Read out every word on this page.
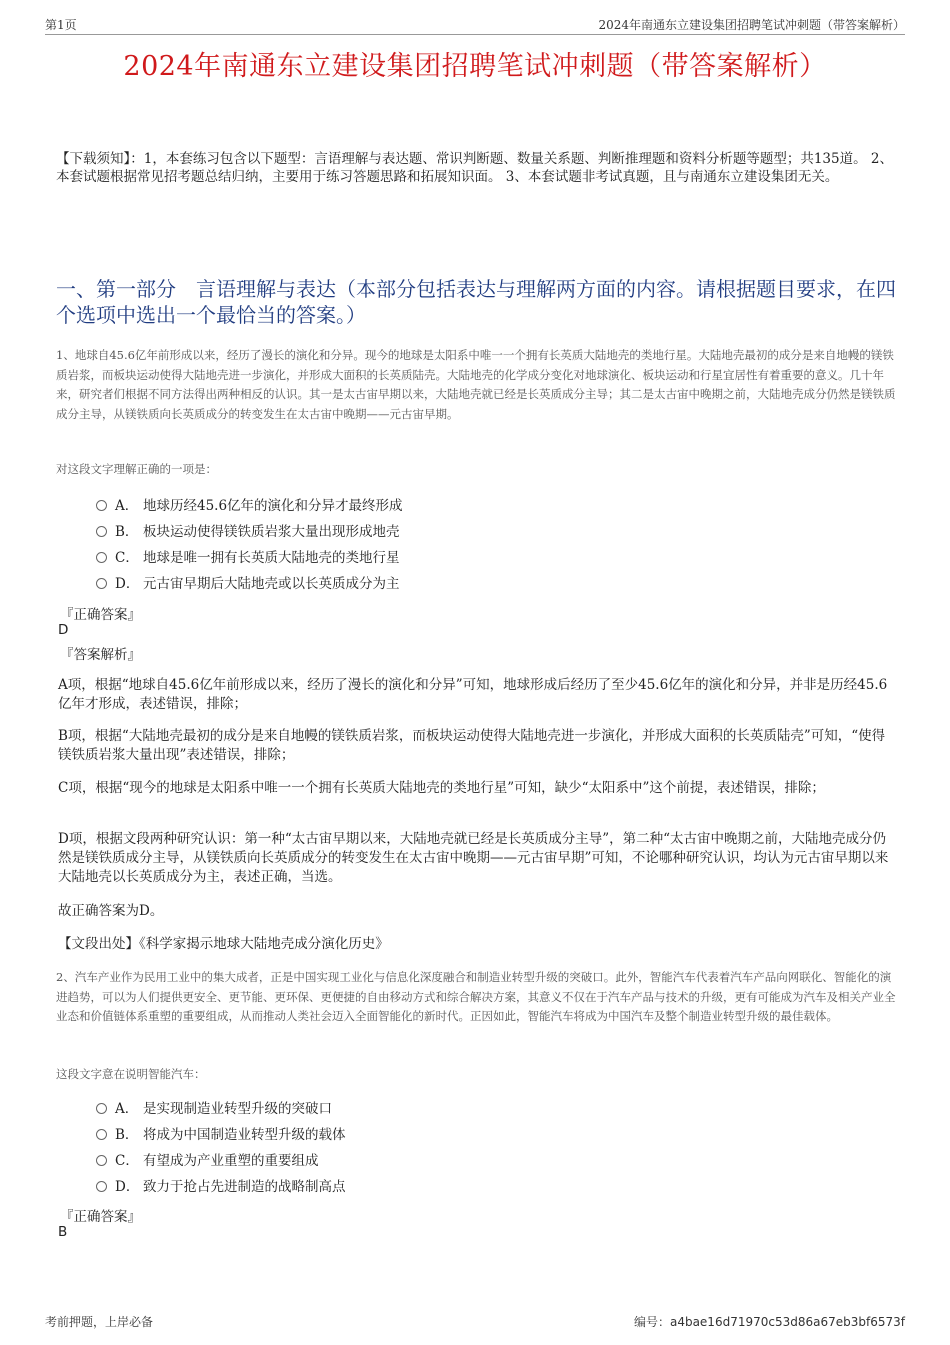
第1页	2024年南通东立建设集团招聘笔试冲刺题（带答案解析）
2024年南通东立建设集团招聘笔试冲刺题（带答案解析）
【下载须知】：1，本套练习包含以下题型：言语理解与表达题、常识判断题、数量关系题、判断推理题和资料分析题等题型；共135道。 2、本套试题根据常见招考题总结归纳，主要用于练习答题思路和拓展知识面。 3、本套试题非考试真题，且与南通东立建设集团无关。
一、第一部分　言语理解与表达（本部分包括表达与理解两方面的内容。请根据题目要求，在四个选项中选出一个最恰当的答案。）
1、地球自45.6亿年前形成以来，经历了漫长的演化和分异。现今的地球是太阳系中唯一一个拥有长英质大陆地壳的类地行星。大陆地壳最初的成分是来自地幔的镁铁质岩浆，而板块运动使得大陆地壳进一步演化，并形成大面积的长英质陆壳。大陆地壳的化学成分变化对地球演化、板块运动和行星宜居性有着重要的意义。几十年来，研究者们根据不同方法得出两种相反的认识。其一是太古宙早期以来，大陆地壳就已经是长英质成分主导；其二是太古宙中晚期之前，大陆地壳成分仍然是镁铁质成分主导，从镁铁质向长英质成分的转变发生在太古宙中晚期——元古宙早期。
对这段文字理解正确的一项是：
A． 地球历经45.6亿年的演化和分异才最终形成
B． 板块运动使得镁铁质岩浆大量出现形成地壳
C． 地球是唯一拥有长英质大陆地壳的类地行星
D． 元古宙早期后大陆地壳或以长英质成分为主
『正确答案』
D
『答案解析』
A项，根据“地球自45.6亿年前形成以来，经历了漫长的演化和分异”可知，地球形成后经历了至少45.6亿年的演化和分异，并非是历经45.6亿年才形成，表述错误，排除；
B项，根据“大陆地壳最初的成分是来自地幔的镁铁质岩浆，而板块运动使得大陆地壳进一步演化，并形成大面积的长英质陆壳”可知，“使得镁铁质岩浆大量出现”表述错误，排除；
C项，根据“现今的地球是太阳系中唯一一个拥有长英质大陆地壳的类地行星”可知，缺少“太阳系中”这个前提，表述错误，排除；
D项，根据文段两种研究认识：第一种“太古宙早期以来，大陆地壳就已经是长英质成分主导”，第二种“太古宙中晚期之前，大陆地壳成分仍然是镁铁质成分主导，从镁铁质向长英质成分的转变发生在太古宙中晚期——元古宙早期”可知，不论哪种研究认识，均认为元古宙早期以来大陆地壳以长英质成分为主，表述正确，当选。
故正确答案为D。
【文段出处】《科学家揭示地球大陆地壳成分演化历史》
2、汽车产业作为民用工业中的集大成者，正是中国实现工业化与信息化深度融合和制造业转型升级的突破口。此外，智能汽车代表着汽车产品向网联化、智能化的演进趋势，可以为人们提供更安全、更节能、更环保、更便捷的自由移动方式和综合解决方案，其意义不仅在于汽车产品与技术的升级，更有可能成为汽车及相关产业全业态和价值链体系重塑的重要组成，从而推动人类社会迈入全面智能化的新时代。正因如此，智能汽车将成为中国汽车及整个制造业转型升级的最佳载体。
这段文字意在说明智能汽车：
A． 是实现制造业转型升级的突破口
B． 将成为中国制造业转型升级的载体
C． 有望成为产业重塑的重要组成
D． 致力于抢占先进制造的战略制高点
『正确答案』
B
考前押题，上岸必备	编号：a4bae16d71970c53d86a67eb3bf6573f
